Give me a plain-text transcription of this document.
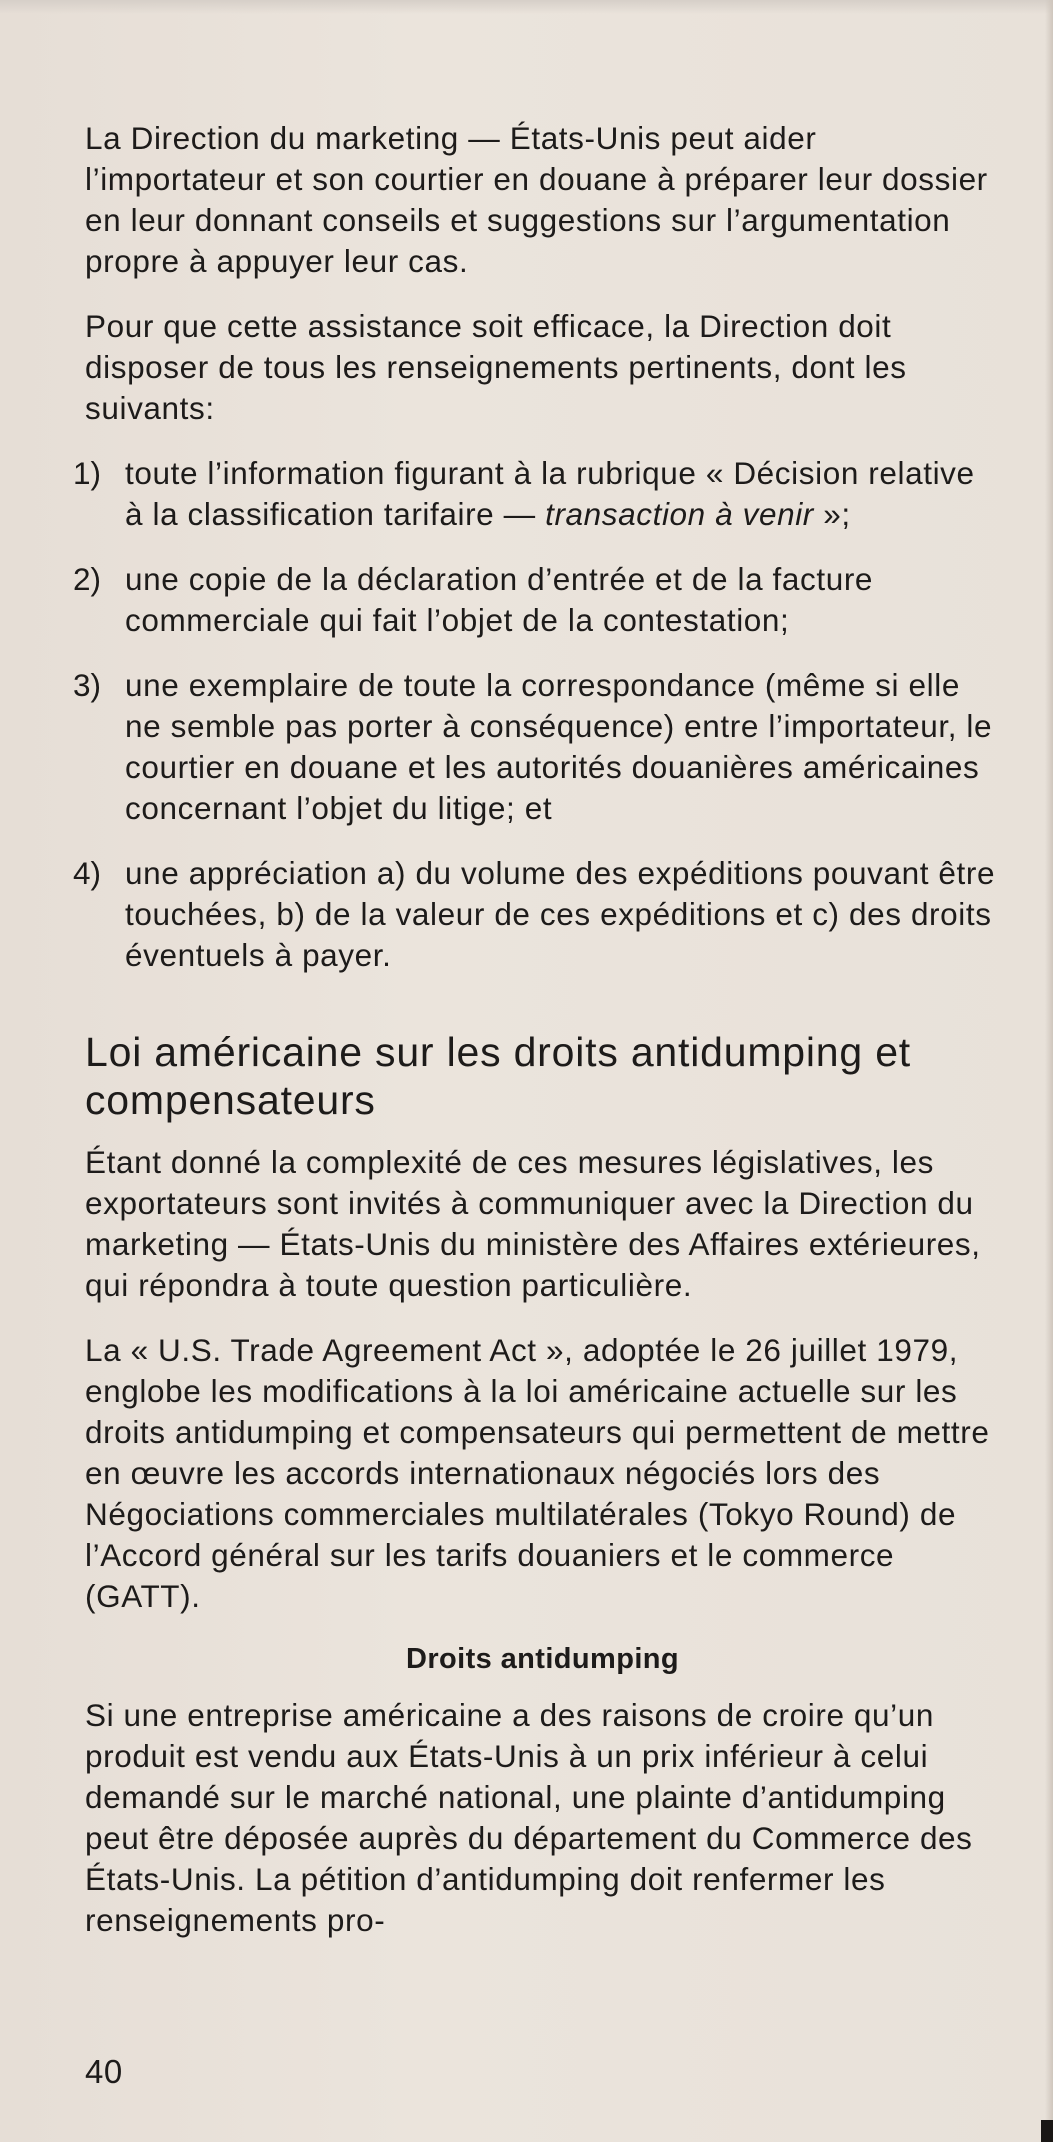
La Direction du marketing — États-Unis peut aider l’importateur et son courtier en douane à préparer leur dossier en leur donnant conseils et suggestions sur l’argumentation propre à appuyer leur cas.

Pour que cette assistance soit efficace, la Direction doit disposer de tous les renseignements pertinents, dont les suivants:

1) toute l’information figurant à la rubrique « Décision relative à la classification tarifaire — transaction à venir »;

2) une copie de la déclaration d’entrée et de la facture commerciale qui fait l’objet de la contestation;

3) une exemplaire de toute la correspondance (même si elle ne semble pas porter à conséquence) entre l’importateur, le courtier en douane et les autorités douanières américaines concernant l’objet du litige; et

4) une appréciation a) du volume des expéditions pouvant être touchées, b) de la valeur de ces expéditions et c) des droits éventuels à payer.

Loi américaine sur les droits antidumping et compensateurs

Étant donné la complexité de ces mesures législatives, les exportateurs sont invités à communiquer avec la Direction du marketing — États-Unis du ministère des Affaires extérieures, qui répondra à toute question particulière.

La « U.S. Trade Agreement Act », adoptée le 26 juillet 1979, englobe les modifications à la loi américaine actuelle sur les droits antidumping et compensateurs qui permettent de mettre en œuvre les accords internationaux négociés lors des Négociations commerciales multilatérales (Tokyo Round) de l’Accord général sur les tarifs douaniers et le commerce (GATT).

Droits antidumping

Si une entreprise américaine a des raisons de croire qu’un produit est vendu aux États-Unis à un prix inférieur à celui demandé sur le marché national, une plainte d’antidumping peut être déposée auprès du département du Commerce des États-Unis. La pétition d’antidumping doit renfermer les renseignements pro-

40
